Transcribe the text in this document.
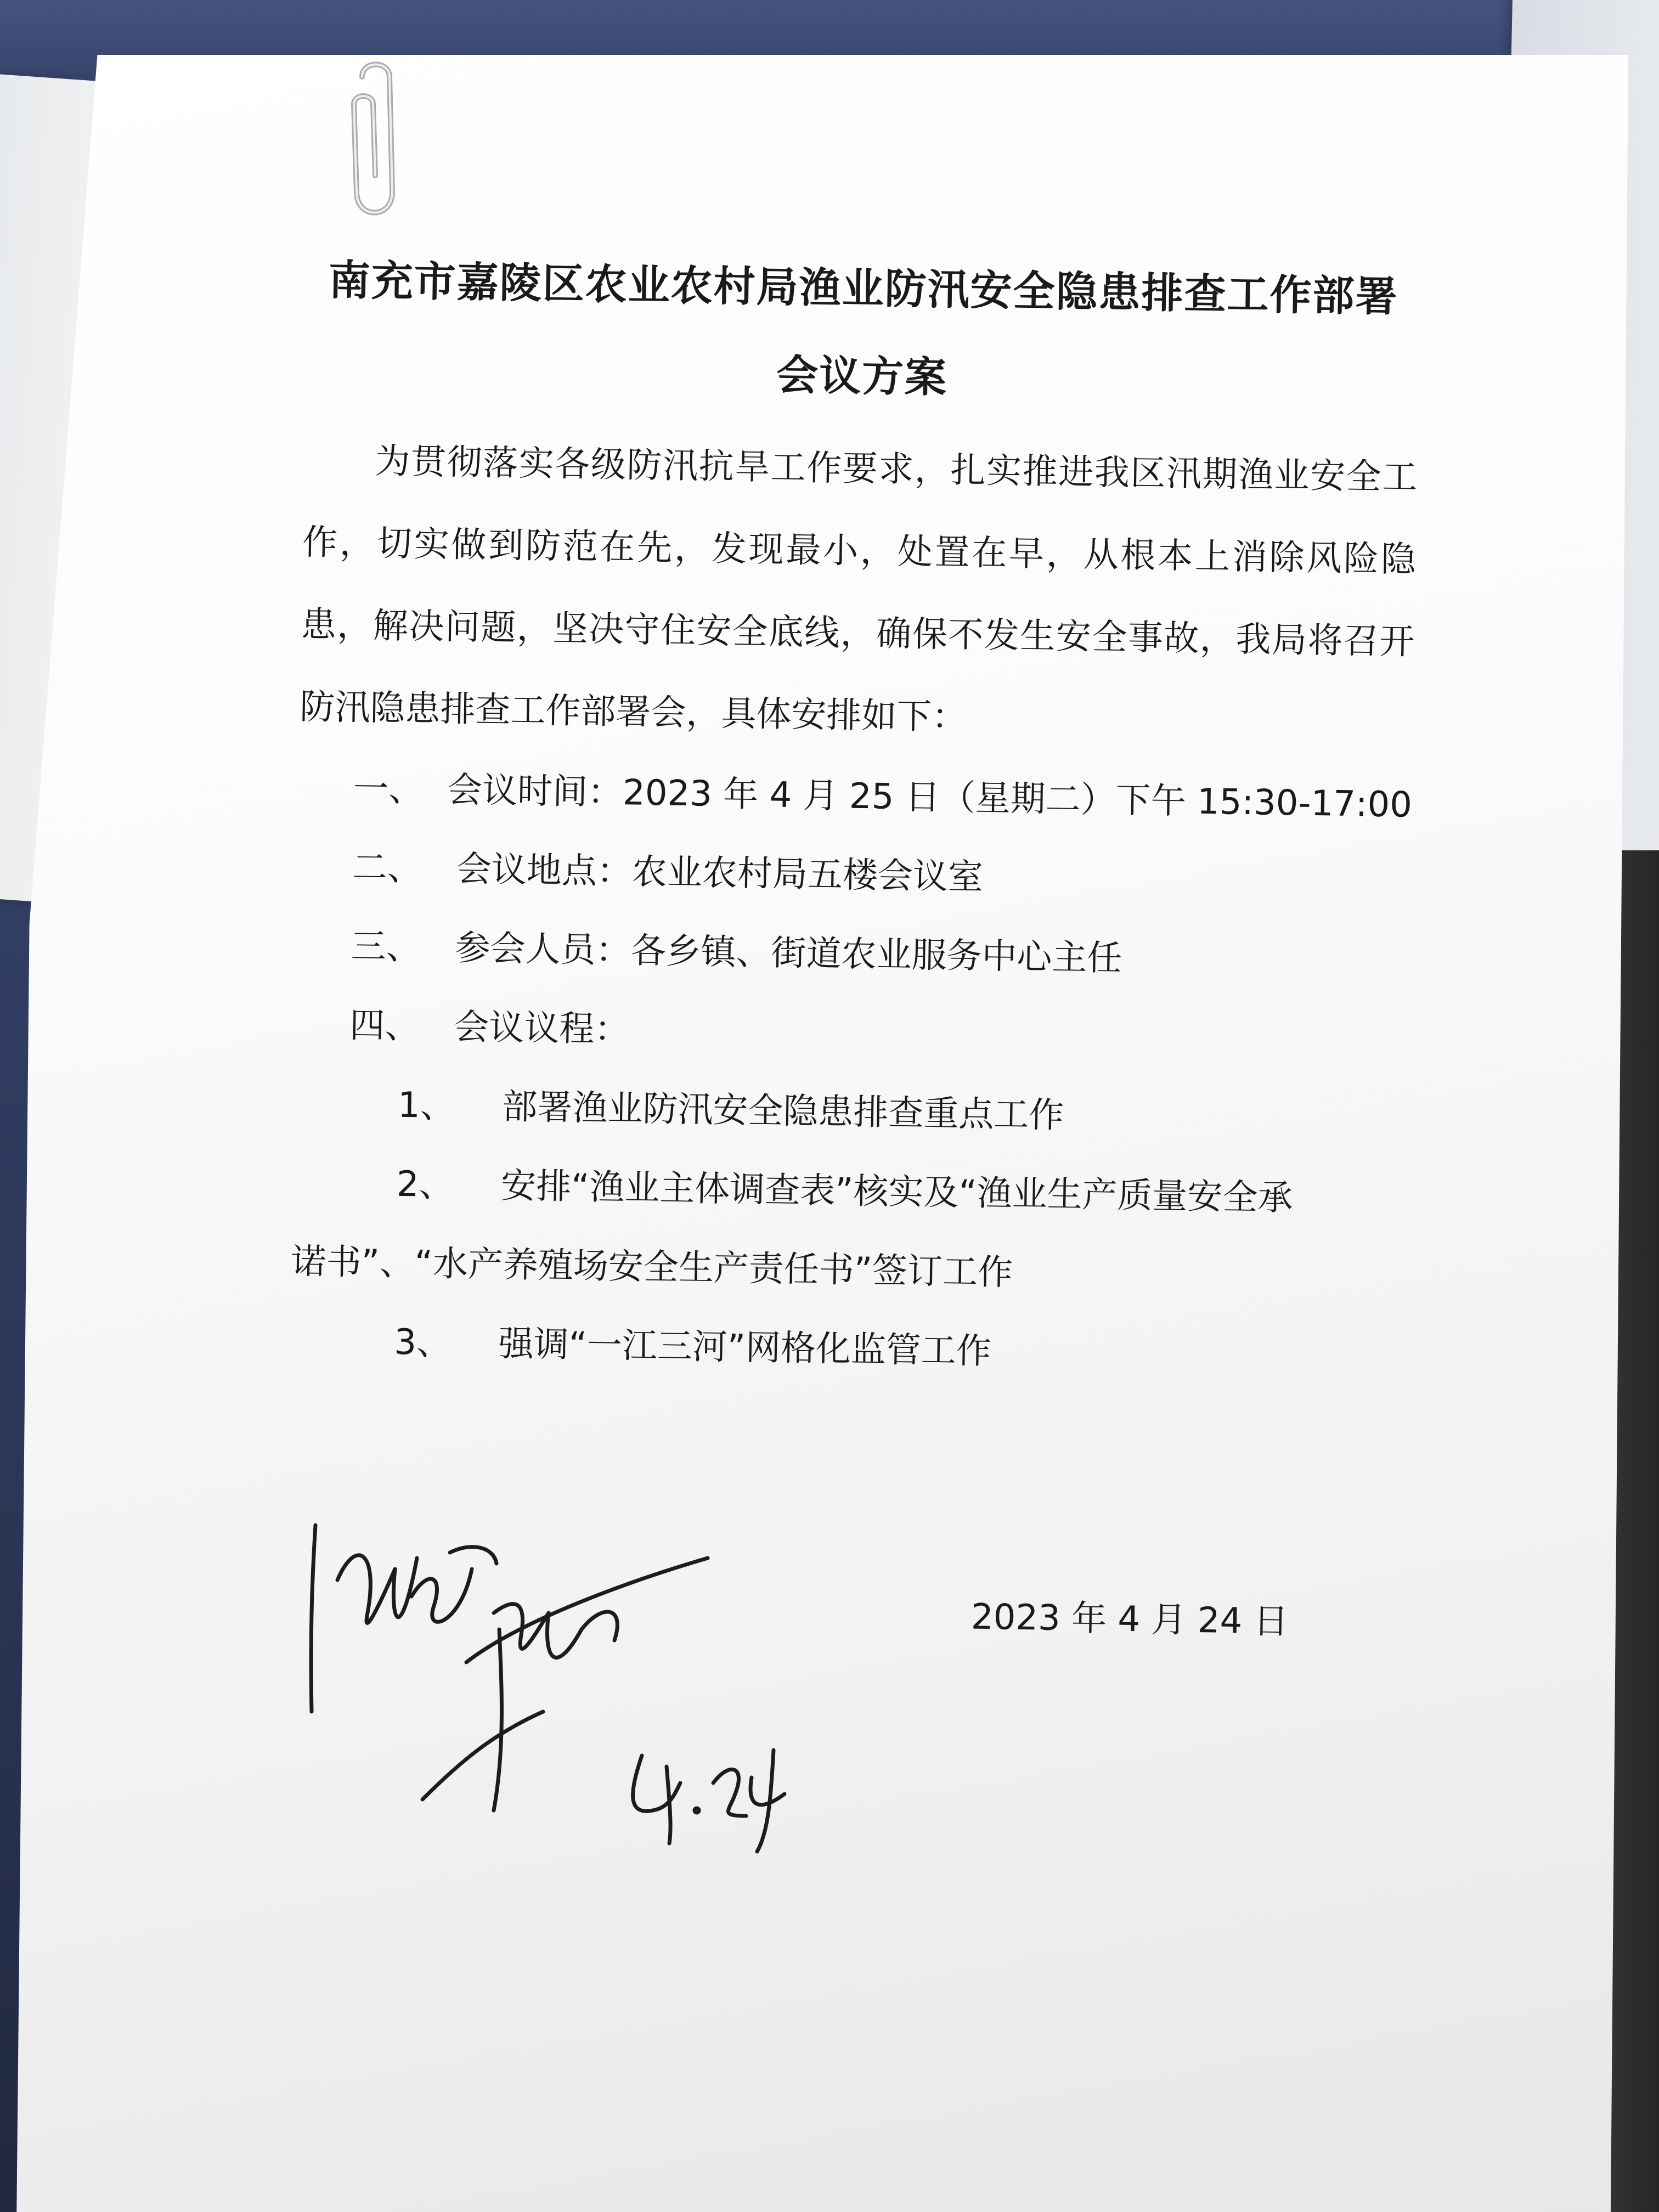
南充市嘉陵区农业农村局渔业防汛安全隐患排查工作部署
会议方案

为贯彻落实各级防汛抗旱工作要求，扎实推进我区汛期渔业安全工作，切实做到防范在先，发现最小，处置在早，从根本上消除风险隐患，解决问题，坚决守住安全底线，确保不发生安全事故，我局将召开防汛隐患排查工作部署会，具体安排如下：

一、 会议时间：2023 年 4 月 25 日（星期二）下午 15:30-17:00
二、 会议地点：农业农村局五楼会议室
三、 参会人员：各乡镇、街道农业服务中心主任
四、 会议议程：
1、 部署渔业防汛安全隐患排查重点工作
2、 安排“渔业主体调查表”核实及“渔业生产质量安全承
诺书”、“水产养殖场安全生产责任书”签订工作
3、 强调“一江三河”网格化监管工作
2023 年 4 月 24 日
